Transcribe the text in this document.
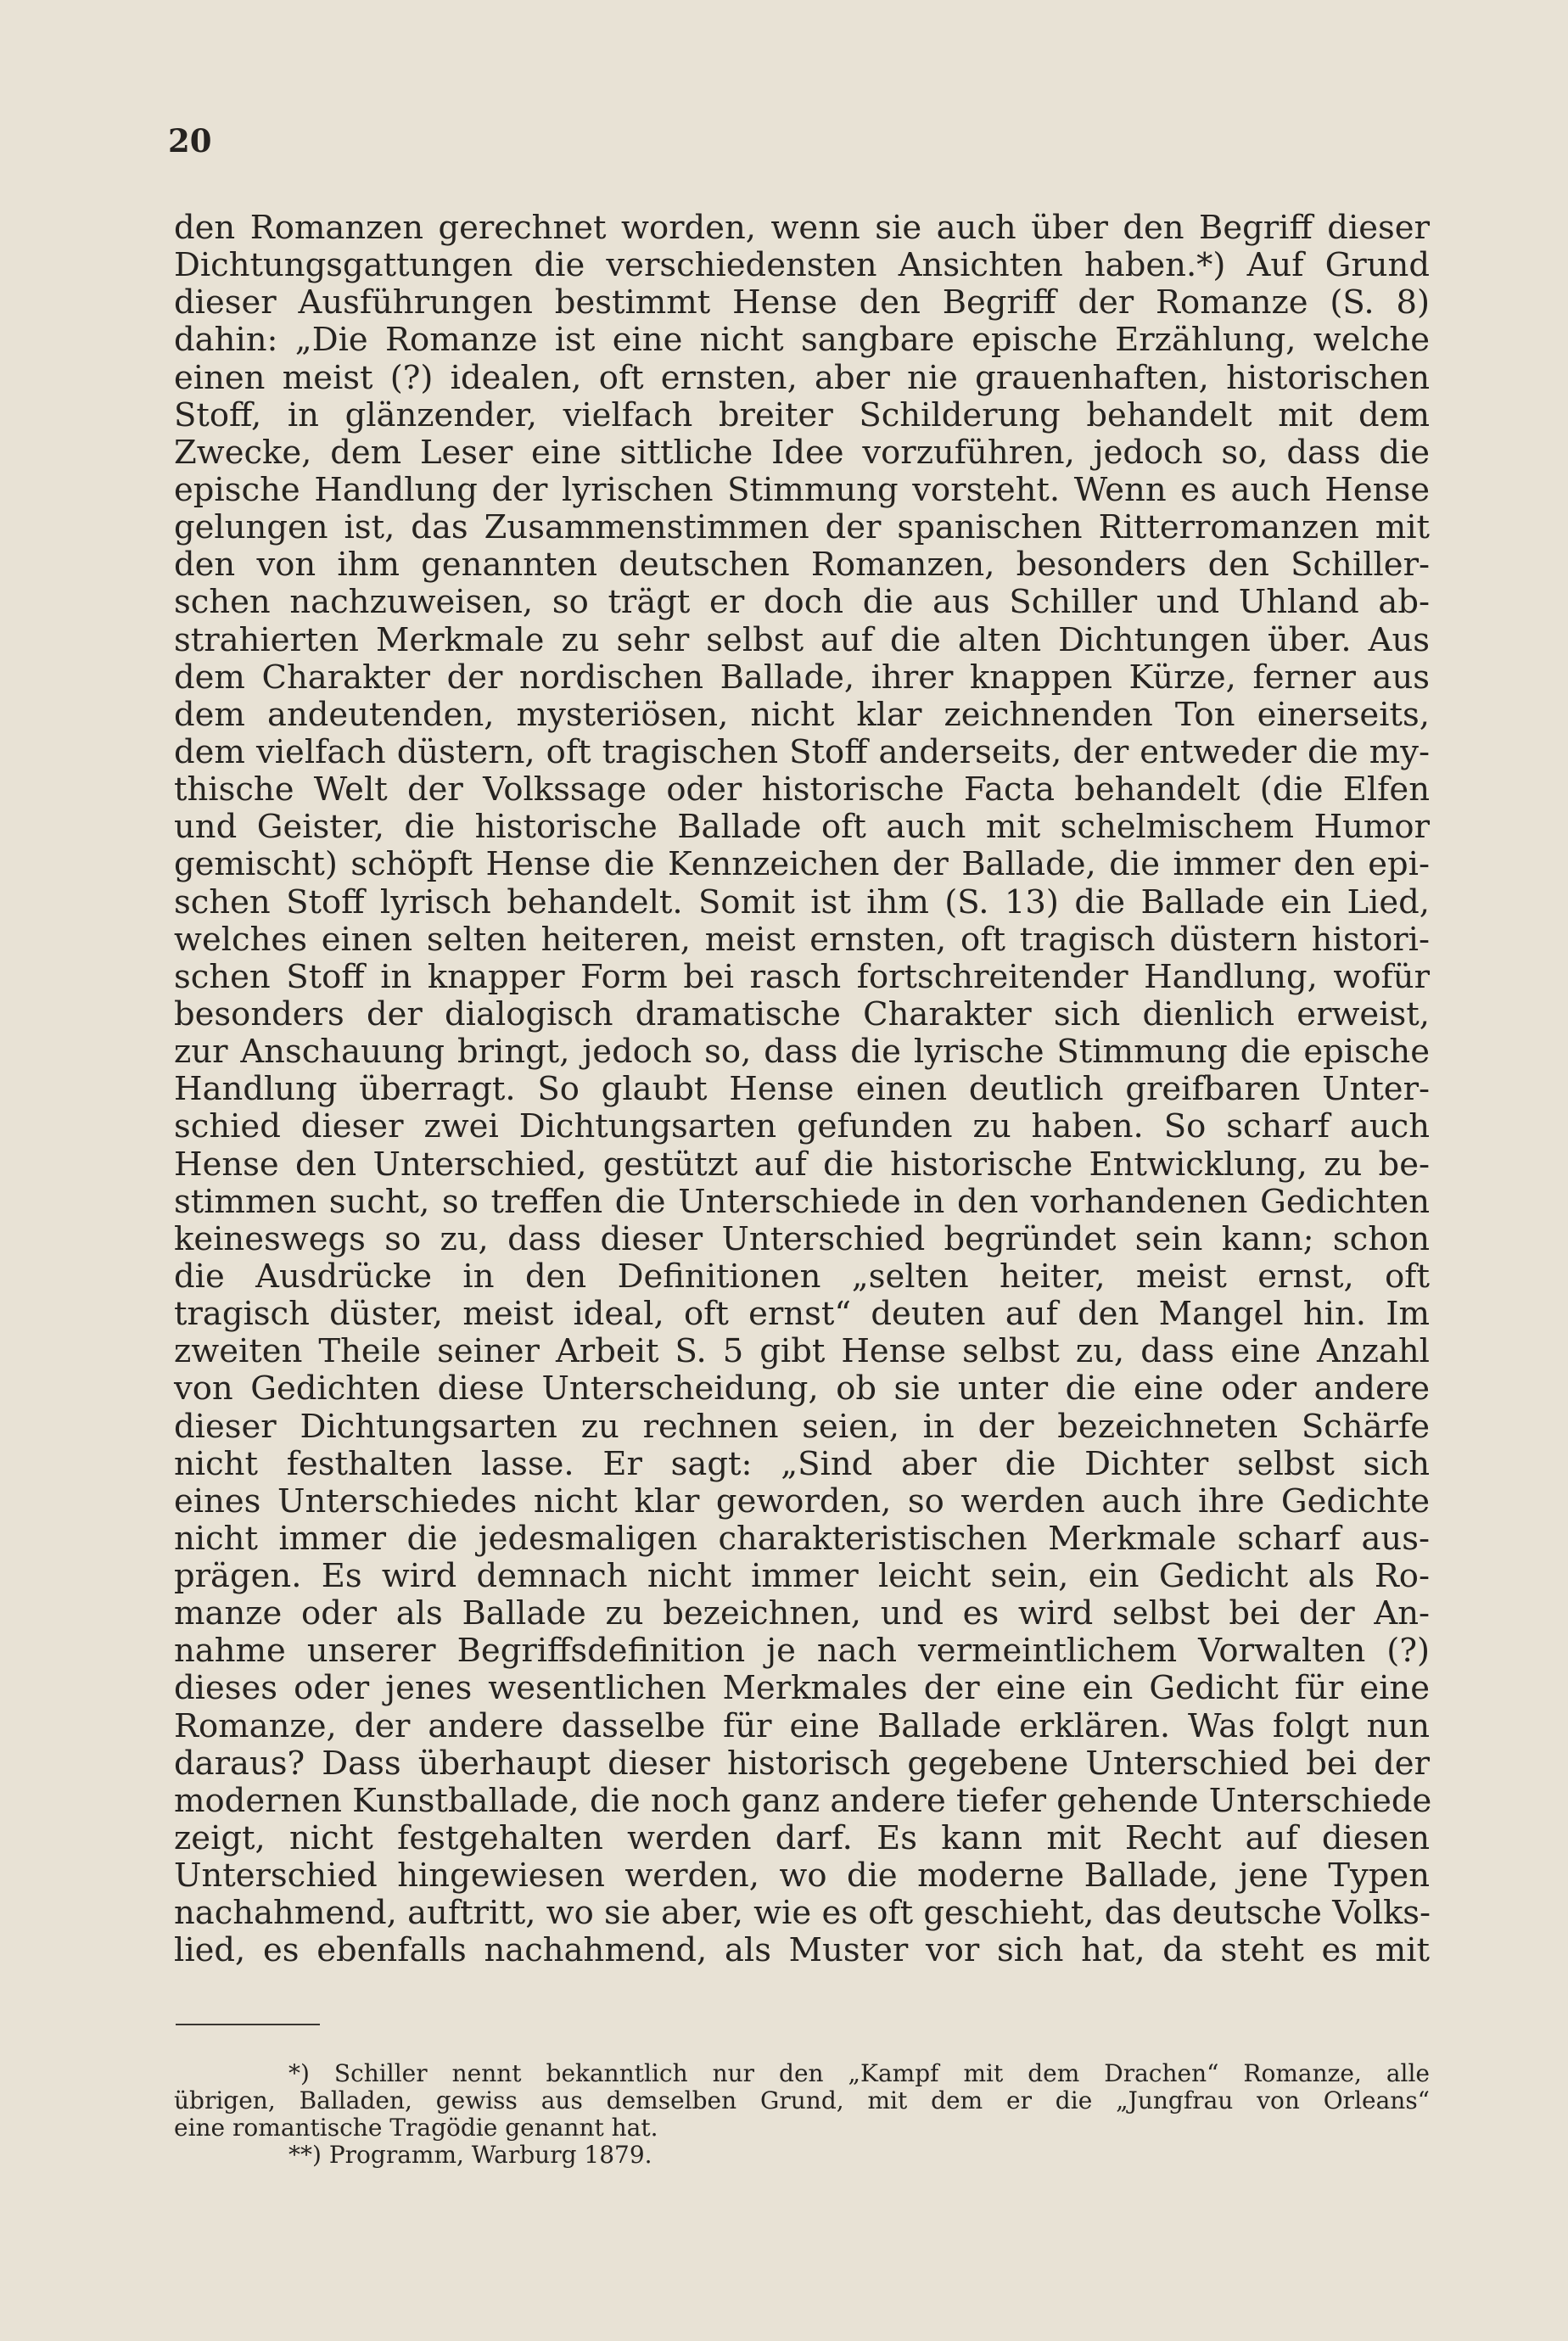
20
den Romanzen gerechnet worden, wenn sie auch über den Begriff dieser
Dichtungsgattungen die verschiedensten Ansichten haben.*) Auf Grund
dieser Ausführungen bestimmt Hense den Begriff der Romanze (S. 8)
dahin: „Die Romanze ist eine nicht sangbare epische Erzählung, welche
einen meist (?) idealen, oft ernsten, aber nie grauenhaften, historischen
Stoff, in glänzender, vielfach breiter Schilderung behandelt mit dem
Zwecke, dem Leser eine sittliche Idee vorzuführen, jedoch so, dass die
epische Handlung der lyrischen Stimmung vorsteht. Wenn es auch Hense
gelungen ist, das Zusammenstimmen der spanischen Ritterromanzen mit
den von ihm genannten deutschen Romanzen, besonders den Schiller-
schen nachzuweisen, so trägt er doch die aus Schiller und Uhland ab-
strahierten Merkmale zu sehr selbst auf die alten Dichtungen über. Aus
dem Charakter der nordischen Ballade, ihrer knappen Kürze, ferner aus
dem andeutenden, mysteriösen, nicht klar zeichnenden Ton einerseits,
dem vielfach düstern, oft tragischen Stoff anderseits, der entweder die my-
thische Welt der Volkssage oder historische Facta behandelt (die Elfen
und Geister, die historische Ballade oft auch mit schelmischem Humor
gemischt) schöpft Hense die Kennzeichen der Ballade, die immer den epi-
schen Stoff lyrisch behandelt. Somit ist ihm (S. 13) die Ballade ein Lied,
welches einen selten heiteren, meist ernsten, oft tragisch düstern histori-
schen Stoff in knapper Form bei rasch fortschreitender Handlung, wofür
besonders der dialogisch dramatische Charakter sich dienlich erweist,
zur Anschauung bringt, jedoch so, dass die lyrische Stimmung die epische
Handlung überragt. So glaubt Hense einen deutlich greifbaren Unter-
schied dieser zwei Dichtungsarten gefunden zu haben. So scharf auch
Hense den Unterschied, gestützt auf die historische Entwicklung, zu be-
stimmen sucht, so treffen die Unterschiede in den vorhandenen Gedichten
keineswegs so zu, dass dieser Unterschied begründet sein kann; schon
die Ausdrücke in den Definitionen „selten heiter, meist ernst, oft
tragisch düster, meist ideal, oft ernst“ deuten auf den Mangel hin. Im
zweiten Theile seiner Arbeit S. 5 gibt Hense selbst zu, dass eine Anzahl
von Gedichten diese Unterscheidung, ob sie unter die eine oder andere
dieser Dichtungsarten zu rechnen seien, in der bezeichneten Schärfe
nicht festhalten lasse. Er sagt: „Sind aber die Dichter selbst sich
eines Unterschiedes nicht klar geworden, so werden auch ihre Gedichte
nicht immer die jedesmaligen charakteristischen Merkmale scharf aus-
prägen. Es wird demnach nicht immer leicht sein, ein Gedicht als Ro-
manze oder als Ballade zu bezeichnen, und es wird selbst bei der An-
nahme unserer Begriffsdefinition je nach vermeintlichem Vorwalten (?)
dieses oder jenes wesentlichen Merkmales der eine ein Gedicht für eine
Romanze, der andere dasselbe für eine Ballade erklären. Was folgt nun
daraus? Dass überhaupt dieser historisch gegebene Unterschied bei der
modernen Kunstballade, die noch ganz andere tiefer gehende Unterschiede
zeigt, nicht festgehalten werden darf. Es kann mit Recht auf diesen
Unterschied hingewiesen werden, wo die moderne Ballade, jene Typen
nachahmend, auftritt, wo sie aber, wie es oft geschieht, das deutsche Volks-
lied, es ebenfalls nachahmend, als Muster vor sich hat, da steht es mit
*) Schiller nennt bekanntlich nur den „Kampf mit dem Drachen“ Romanze, alle
übrigen, Balladen, gewiss aus demselben Grund, mit dem er die „Jungfrau von Orleans“
eine romantische Tragödie genannt hat.
**) Programm, Warburg 1879.
